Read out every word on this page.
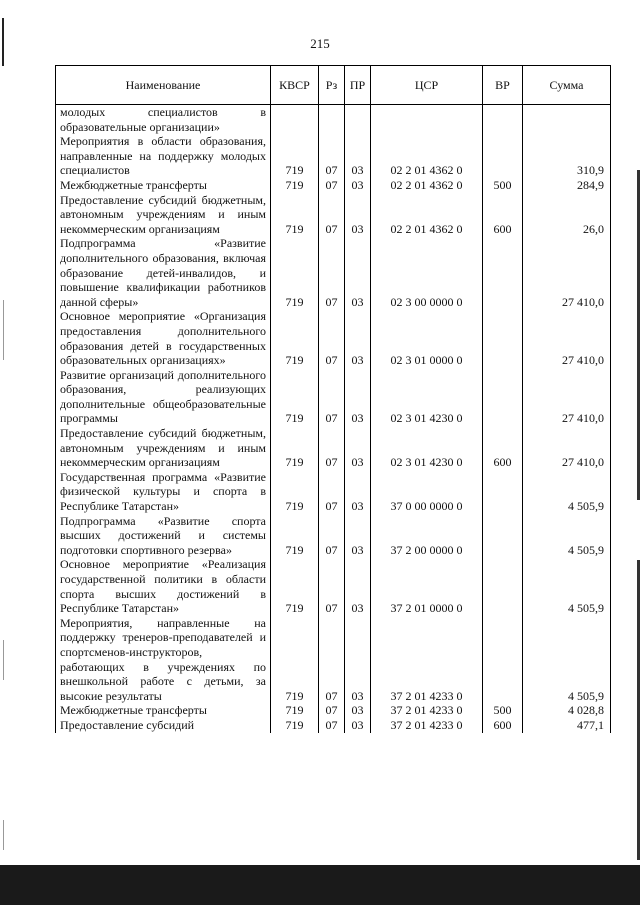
215
Наименование	КВСР	Рз	ПР	ЦСР	ВР	Сумма
молодых специалистов в образовательные организации»						
Мероприятия в области образования, направленные на поддержку молодых специалистов	719	07	03	02 2 01 4362 0		310,9
Межбюджетные трансферты	719	07	03	02 2 01 4362 0	500	284,9
Предоставление субсидий бюджетным, автономным учреждениям и иным некоммерческим организациям	719	07	03	02 2 01 4362 0	600	26,0
Подпрограмма «Развитие дополнительного образования, включая образование детей-инвалидов, и повышение квалификации работников данной сферы»	719	07	03	02 3 00 0000 0		27 410,0
Основное мероприятие «Организация предоставления дополнительного образования детей в государственных образовательных организациях»	719	07	03	02 3 01 0000 0		27 410,0
Развитие организаций дополнительного образования, реализующих дополнительные общеобразовательные программы	719	07	03	02 3 01 4230 0		27 410,0
Предоставление субсидий бюджетным, автономным учреждениям и иным некоммерческим организациям	719	07	03	02 3 01 4230 0	600	27 410,0
Государственная программа «Развитие физической культуры и спорта в Республике Татарстан»	719	07	03	37 0 00 0000 0		4 505,9
Подпрограмма «Развитие спорта высших достижений и системы подготовки спортивного резерва»	719	07	03	37 2 00 0000 0		4 505,9
Основное мероприятие «Реализация государственной политики в области спорта высших достижений в Республике Татарстан»	719	07	03	37 2 01 0000 0		4 505,9
Мероприятия, направленные на поддержку тренеров-преподавателей и спортсменов-инструкторов, работающих в учреждениях по внешкольной работе с детьми, за высокие результаты	719	07	03	37 2 01 4233 0		4 505,9
Межбюджетные трансферты	719	07	03	37 2 01 4233 0	500	4 028,8
Предоставление субсидий	719	07	03	37 2 01 4233 0	600	477,1
